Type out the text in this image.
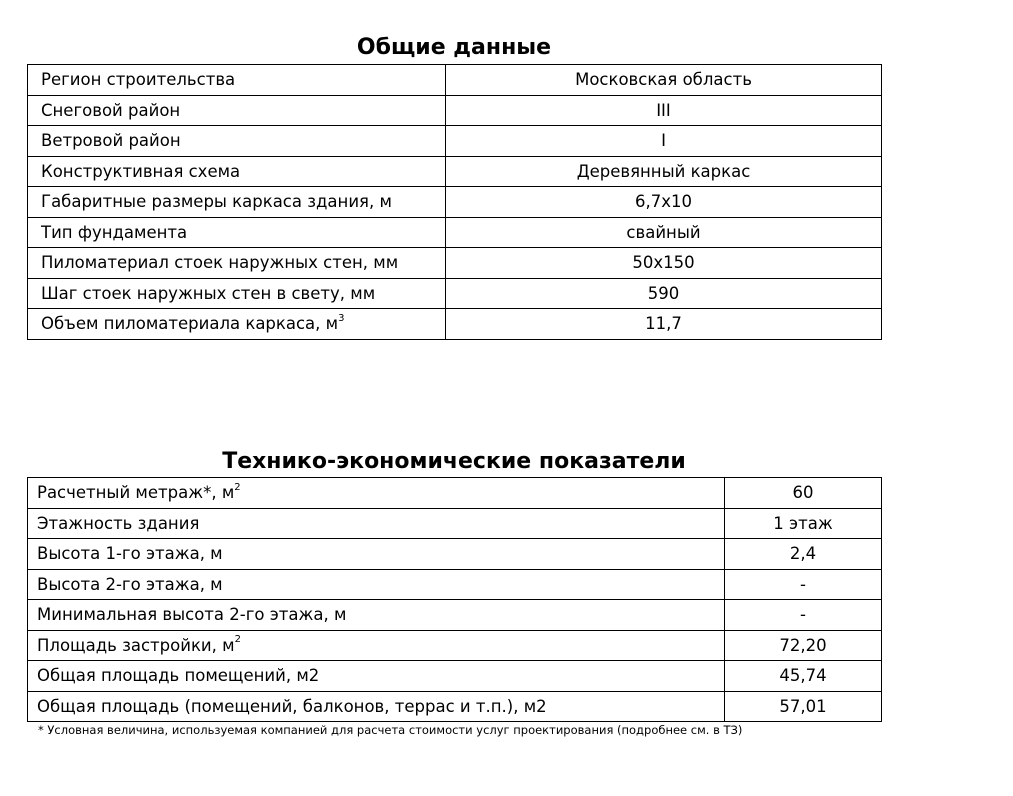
Общие данные
Регион строительства	Московская область
Снеговой район	III
Ветровой район	I
Конструктивная схема	Деревянный каркас
Габаритные размеры каркаса здания, м	6,7х10
Тип фундамента	свайный
Пиломатериал стоек наружных стен, мм	50х150
Шаг стоек наружных стен в свету, мм	590
Объем пиломатериала каркаса, $м^3$	11,7
Технико-экономические показатели
Расчетный метраж*, $м^2$	60
Этажность здания	1 этаж
Высота 1-го этажа, м	2,4
Высота 2-го этажа, м	-
Минимальная высота 2-го этажа, м	-
Площадь застройки, $м^2$	72,20
Общая площадь помещений, м2	45,74
Общая площадь (помещений, балконов, террас и т.п.), м2	57,01
* Условная величина, используемая компанией для расчета стоимости услуг проектирования (подробнее см. в ТЗ)
